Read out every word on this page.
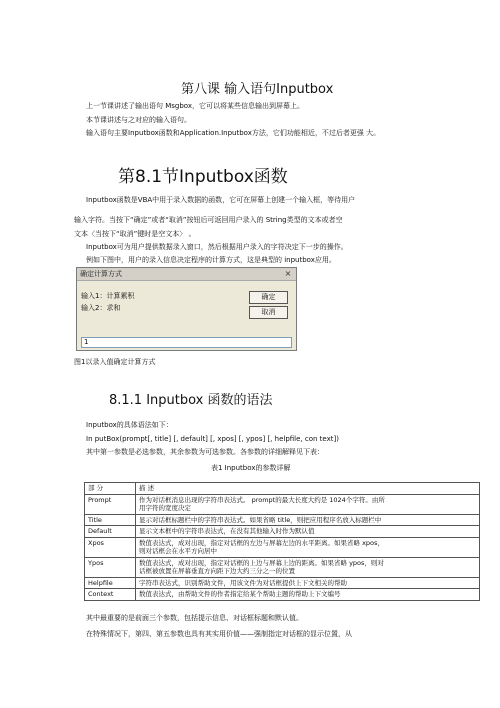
第八课 输入语句Inputbox
上一节课讲述了输出语句 Msgbox，它可以将某些信息输出到屏幕上。
本节课讲述与之对应的输入语句。
输入语句主要Inputbox函数和Application.Inputbox方法，它们功能相近，不过后者更强 大。
第8.1节Inputbox函数
Inputbox函数是VBA中用于录入数据的函数，它可在屏幕上创建一个输入框，等待用户
输入字符。当按下“确定”或者“取消”按钮后可返回用户录入的 String类型的文本或者空
文本〈当按下“取消”键时是空文本〉 。
Inputbox可为用户提供数据录入窗口，然后根据用户录入的字符决定下一步的操作。
例如下图中，用户的录入信息决定程序的计算方式，这是典型的 inputbox应用。
确定计算方式	×
输入1：计算累积
输入2：求和
确定
取消
1
图1以录入值确定计算方式
8.1.1 Inputbox 函数的语法
Inputbox的具体语法如下：
In putBox(prompt[, title] [, default] [, xpos] [, ypos] [, helpfile, con text])
其中第一参数是必选参数，其余参数为可选参数。各参数的详细解释见下表：
表1 Inputbox的参数详解
部 分	描 述
Prompt	作为对话框消息出现的字符串表达式。 prompt的最大长度大约是 1024个字符。由所
用字符的宽度决定

Title	显示对话框标题栏中的字符串表达式。如果省略 title，则把应用程序名放入标题栏中
Default	显示文本框中的字符串表达式，在没有其他输入时作为默认值
Xpos	数值表达式，成对出现，指定对话框的左边与屏幕左边的水平距离。如果省略 xpos，
则对话框会在水平方向居中

Ypos	数值表达式，成对出现，指定对话框的上边与屏幕上边的距离。如果省略 ypos，则对
话框被放置在屏幕垂直方向距下边大约三分之一的位置

Helpfile	字符串表达式，识别帮助文件，用该文件为对话框提供上下文相关的帮助
Context	数值表达式，由帮助文件的作者指定给某个帮助主题的帮助上下文编号
其中最重要的是前面三个参数，包括提示信息、对话框标题和默认值。
在特殊情况下，第四、第五参数也具有其实用价值——强制指定对话框的显示位置，从
